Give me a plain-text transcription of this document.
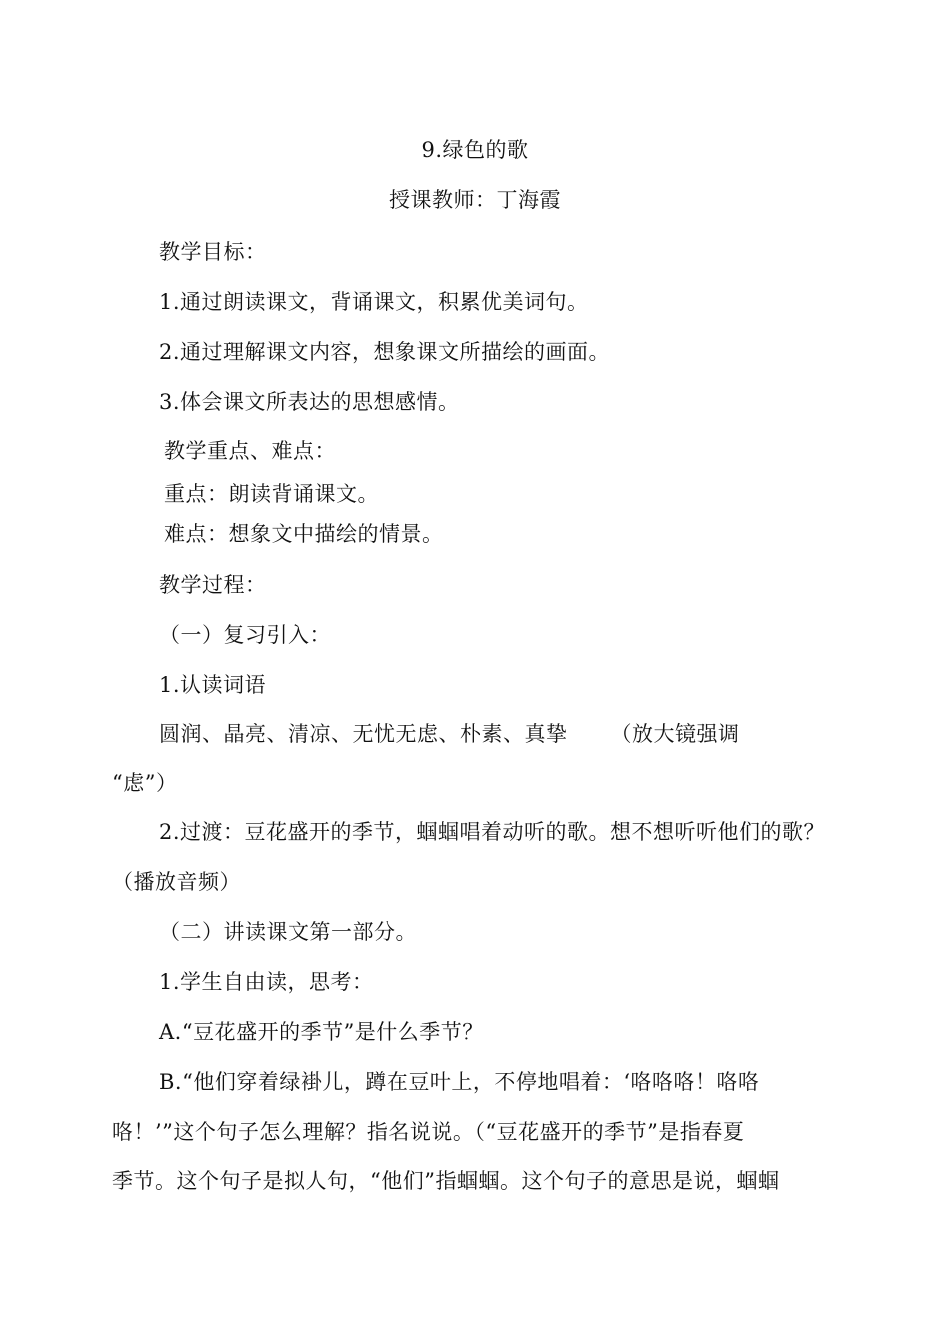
9.绿色的歌
授课教师：丁海霞
教学目标：
1.通过朗读课文，背诵课文，积累优美词句。
2.通过理解课文内容，想象课文所描绘的画面。
3.体会课文所表达的思想感情。
教学重点、难点：
重点：朗读背诵课文。
难点：想象文中描绘的情景。
教学过程：
（一）复习引入：
1.认读词语
圆润、晶亮、清凉、无忧无虑、朴素、真挚      （放大镜强调
“虑”）
2.过渡：豆花盛开的季节，蝈蝈唱着动听的歌。想不想听听他们的歌？
（播放音频）
（二）讲读课文第一部分。
1.学生自由读，思考：
A.“豆花盛开的季节”是什么季节？
B.“他们穿着绿褂儿，蹲在豆叶上，不停地唱着：‘咯咯咯！咯咯
咯！’”这个句子怎么理解？指名说说。（“豆花盛开的季节”是指春夏
季节。这个句子是拟人句，“他们”指蝈蝈。这个句子的意思是说，蝈蝈
